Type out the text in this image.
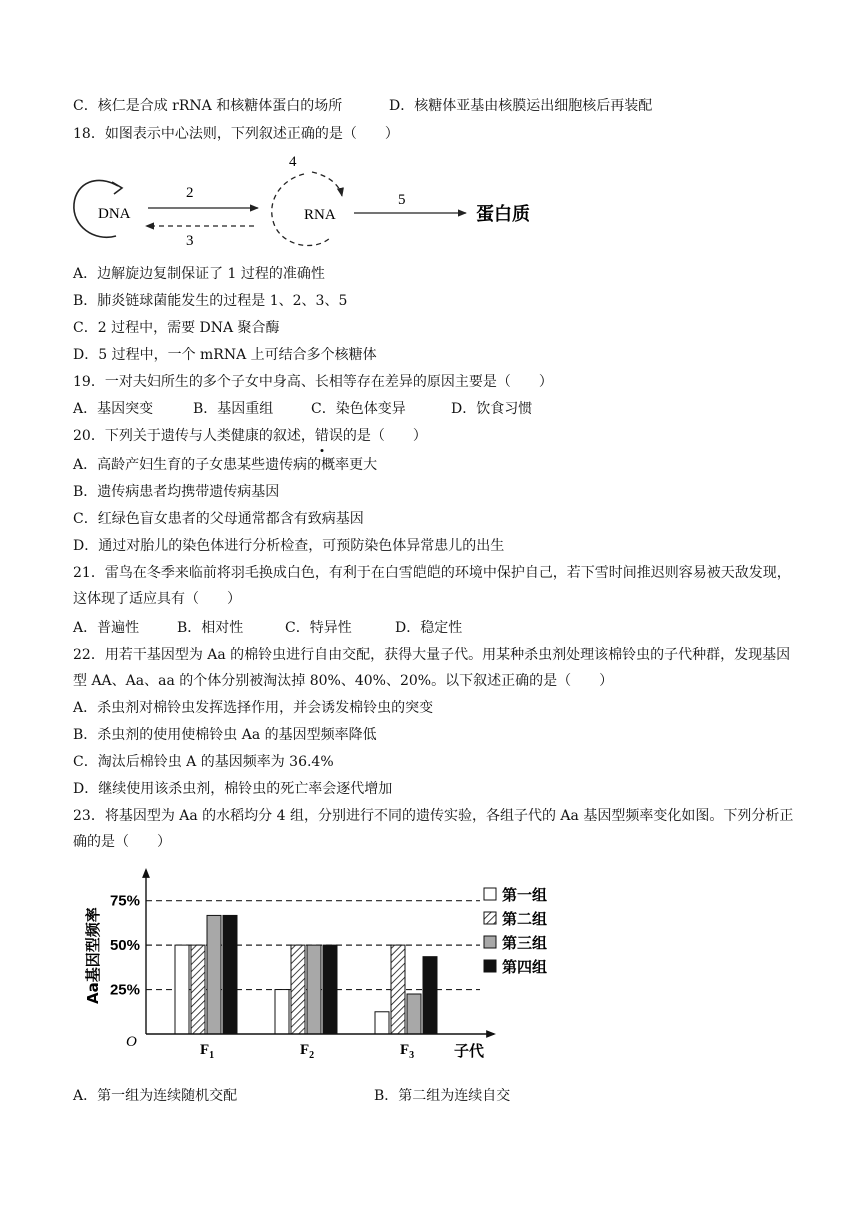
C．核仁是合成 rRNA 和核糖体蛋白的场所	D．核糖体亚基由核膜运出细胞核后再装配
18．如图表示中心法则，下列叙述正确的是（　　）
DNA
2
3
4
RNA
5
蛋白质
A．边解旋边复制保证了 1 过程的准确性
B．肺炎链球菌能发生的过程是 1、2、3、5
C．2 过程中，需要 DNA 聚合酶
D．5 过程中，一个 mRNA 上可结合多个核糖体
19．一对夫妇所生的多个子女中身高、长相等存在差异的原因主要是（　　）
A．基因突变	B．基因重组	C．染色体变异	D．饮食习惯
20．下列关于遗传与人类健康的叙述，错误的是（　　）
A．高龄产妇生育的子女患某些遗传病的概率更大
B．遗传病患者均携带遗传病基因
C．红绿色盲女患者的父母通常都含有致病基因
D．通过对胎儿的染色体进行分析检查，可预防染色体异常患儿的出生
21．雷鸟在冬季来临前将羽毛换成白色，有利于在白雪皑皑的环境中保护自己，若下雪时间推迟则容易被天敌发现，这体现了适应具有（　　）
A．普遍性	B．相对性	C．特异性	D．稳定性
22．用若干基因型为 Aa 的棉铃虫进行自由交配，获得大量子代。用某种杀虫剂处理该棉铃虫的子代种群，发现基因型 AA、Aa、aa 的个体分别被淘汰掉 80%、40%、20%。以下叙述正确的是（　　）
A．杀虫剂对棉铃虫发挥选择作用，并会诱发棉铃虫的突变
B．杀虫剂的使用使棉铃虫 Aa 的基因型频率降低
C．淘汰后棉铃虫 A 的基因频率为 36.4%
D．继续使用该杀虫剂，棉铃虫的死亡率会逐代增加
23．将基因型为 Aa 的水稻均分 4 组，分别进行不同的遗传实验，各组子代的 Aa 基因型频率变化如图。下列分析正确的是（　　）
O
Aa基因型频率
子代
75%
50%
25%
$F_1$	$F_2$	$F_3$
第一组
第二组
第三组
第四组
A．第一组为连续随机交配	B．第二组为连续自交
